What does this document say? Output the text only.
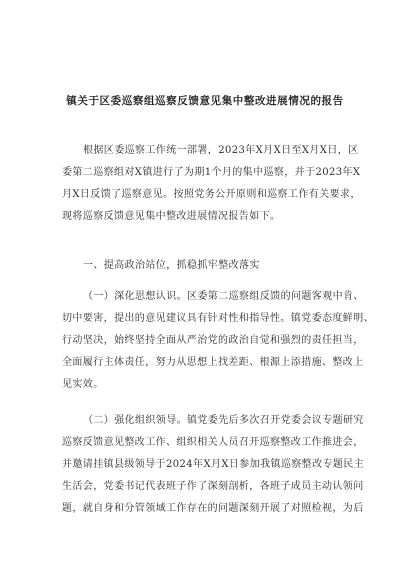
镇关于区委巡察组巡察反馈意见集中整改进展情况的报告
根据区委巡察工作统一部署，2023年X月X日至X月X日，区
委第二巡察组对X镇进行了为期1个月的集中巡察，并于2023年X
月X日反馈了巡察意见。按照党务公开原则和巡察工作有关要求，
现将巡察反馈意见集中整改进展情况报告如下。
一、提高政治站位，抓稳抓牢整改落实
（一）深化思想认识。区委第二巡察组反馈的问题客观中肯、
切中要害，提出的意见建议具有针对性和指导性。镇党委态度鲜明、
行动坚决，始终坚持全面从严治党的政治自觉和强烈的责任担当，
全面履行主体责任，努力从思想上找差距、根源上添措施、整改上
见实效。
（二）强化组织领导。镇党委先后多次召开党委会议专题研究
巡察反馈意见整改工作、组织相关人员召开巡察整改工作推进会，
并邀请挂镇县级领导于2024年X月X日参加我镇巡察整改专题民主
生活会，党委书记代表班子作了深刻剖析，各班子成员主动认领问
题，就自身和分管领域工作存在的问题深刻开展了对照检视，为后
